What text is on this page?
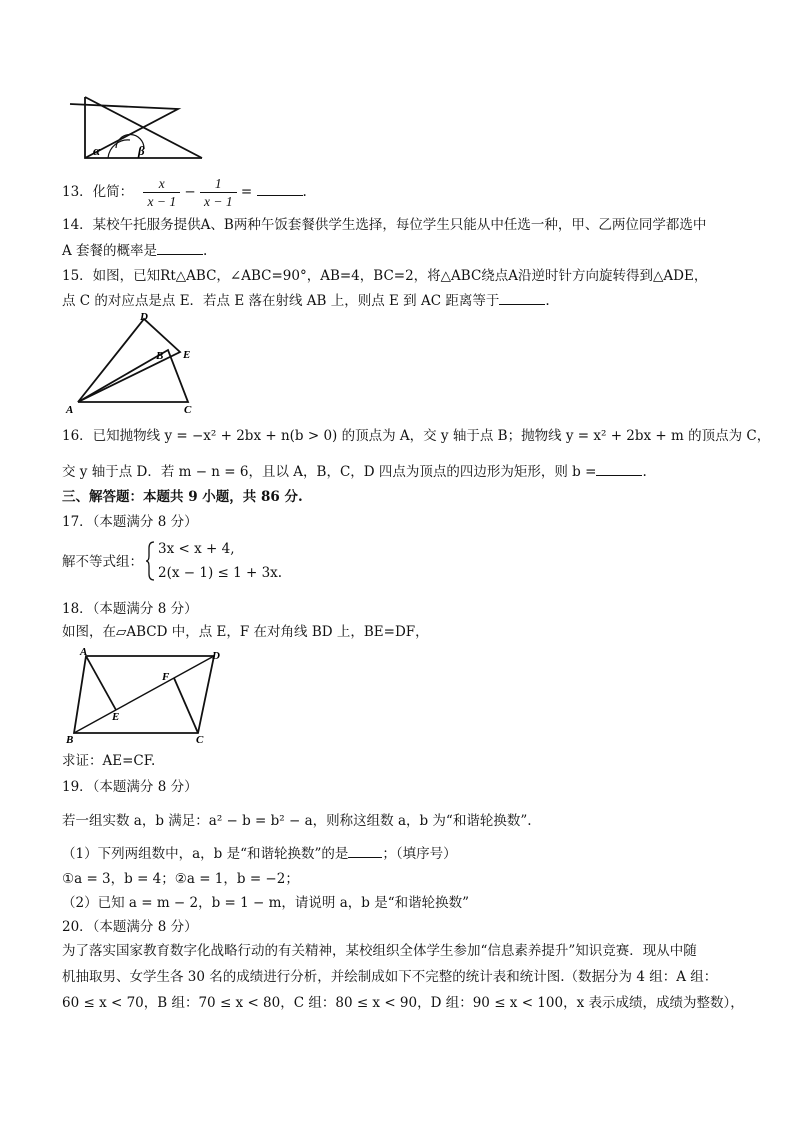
α	β
13．化简： $\frac{x}{x - 1} - \frac{1}{x - 1}$ =	.
14．某校午托服务提供A、B两种午饭套餐供学生选择，每位学生只能从中任选一种，甲、乙两位同学都选中
A 套餐的概率是	.
15．如图，已知Rt△ABC，∠ABC=90°，AB=4，BC=2，将△ABC绕点A沿逆时针方向旋转得到△ADE，
点 C 的对应点是点 E．若点 E 落在射线 AB 上，则点 E 到 AC 距离等于	.
D
B E
A	C
16．已知抛物线 y = −x² + 2bx + n(b > 0) 的顶点为 A，交 y 轴于点 B；抛物线 y = x² + 2bx + m 的顶点为 C，
交 y 轴于点 D．若 m − n = 6，且以 A，B，C，D 四点为顶点的四边形为矩形，则 b =	.
三、解答题：本题共 9 小题，共 86 分.
17．（本题满分 8 分）
解不等式组：
3x < x + 4,
2(x − 1) ≤ 1 + 3x.
18．（本题满分 8 分）
如图，在▱ABCD 中，点 E，F 在对角线 BD 上，BE=DF，
A	D
F
E
B	C
求证：AE=CF.
19．（本题满分 8 分）
若一组实数 a，b 满足：a² − b = b² − a，则称这组数 a，b 为“和谐轮换数”.
（1）下列两组数中，a，b 是“和谐轮换数”的是	；（填序号）
①a = 3，b = 4；②a = 1，b = −2；
（2）已知 a = m − 2，b = 1 − m，请说明 a，b 是“和谐轮换数”
20．（本题满分 8 分）
为了落实国家教育数字化战略行动的有关精神，某校组织全体学生参加“信息素养提升”知识竞赛．现从中随
机抽取男、女学生各 30 名的成绩进行分析，并绘制成如下不完整的统计表和统计图.（数据分为 4 组：A 组：
60 ≤ x < 70，B 组：70 ≤ x < 80，C 组：80 ≤ x < 90，D 组：90 ≤ x < 100，x 表示成绩，成绩为整数），
